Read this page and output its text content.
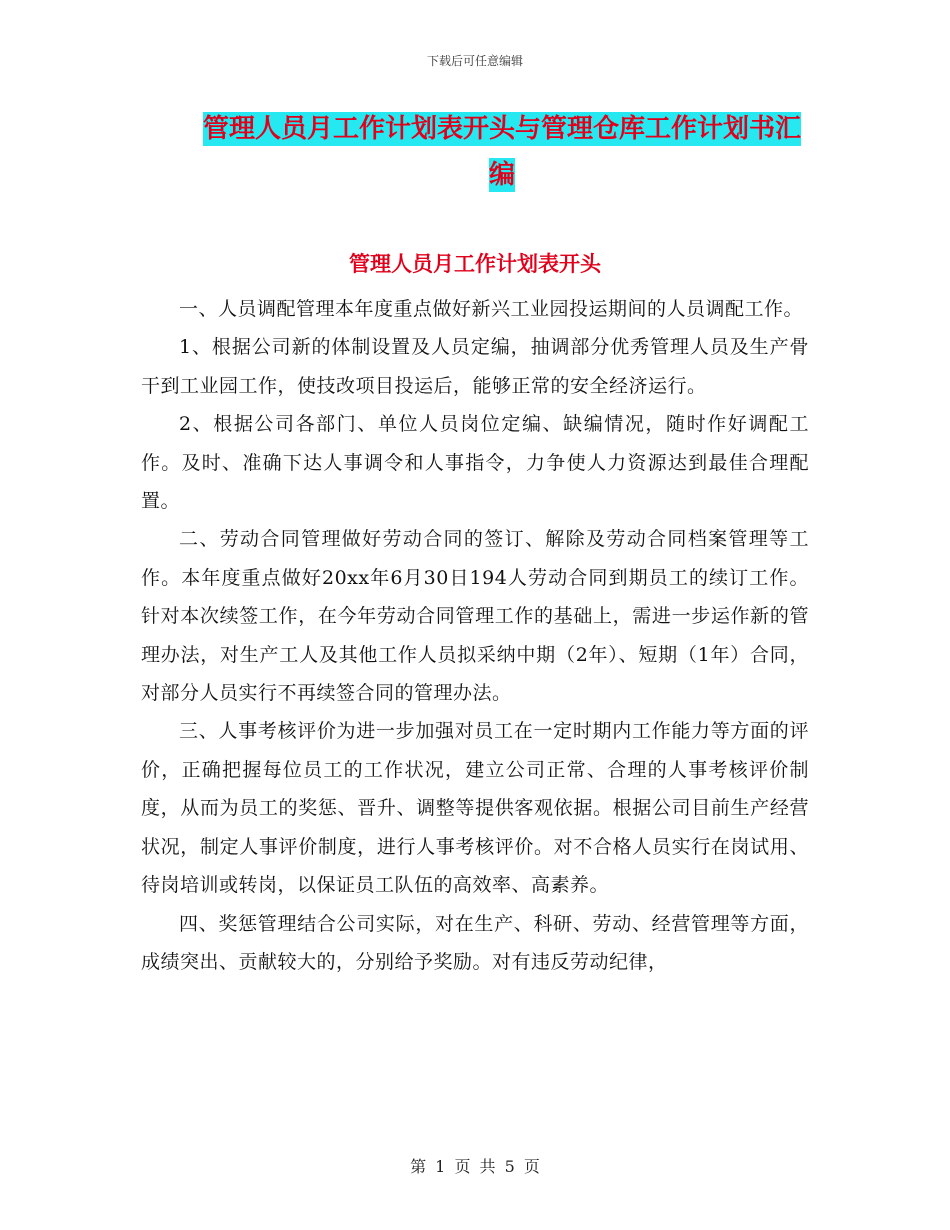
下载后可任意编辑
管理人员月工作计划表开头与管理仓库工作计划书汇编
管理人员月工作计划表开头

一、人员调配管理本年度重点做好新兴工业园投运期间的人员调配工作。

1、根据公司新的体制设置及人员定编，抽调部分优秀管理人员及生产骨干到工业园工作，使技改项目投运后，能够正常的安全经济运行。

2、根据公司各部门、单位人员岗位定编、缺编情况，随时作好调配工作。及时、准确下达人事调令和人事指令，力争使人力资源达到最佳合理配置。

二、劳动合同管理做好劳动合同的签订、解除及劳动合同档案管理等工作。本年度重点做好20xx年6月30日194人劳动合同到期员工的续订工作。针对本次续签工作，在今年劳动合同管理工作的基础上，需进一步运作新的管理办法，对生产工人及其他工作人员拟采纳中期（2年）、短期（1年）合同，对部分人员实行不再续签合同的管理办法。

三、人事考核评价为进一步加强对员工在一定时期内工作能力等方面的评价，正确把握每位员工的工作状况，建立公司正常、合理的人事考核评价制度，从而为员工的奖惩、晋升、调整等提供客观依据。根据公司目前生产经营状况，制定人事评价制度，进行人事考核评价。对不合格人员实行在岗试用、待岗培训或转岗，以保证员工队伍的高效率、高素养。

四、奖惩管理结合公司实际，对在生产、科研、劳动、经营管理等方面，成绩突出、贡献较大的，分别给予奖励。对有违反劳动纪律，

第 1 页 共 5 页
